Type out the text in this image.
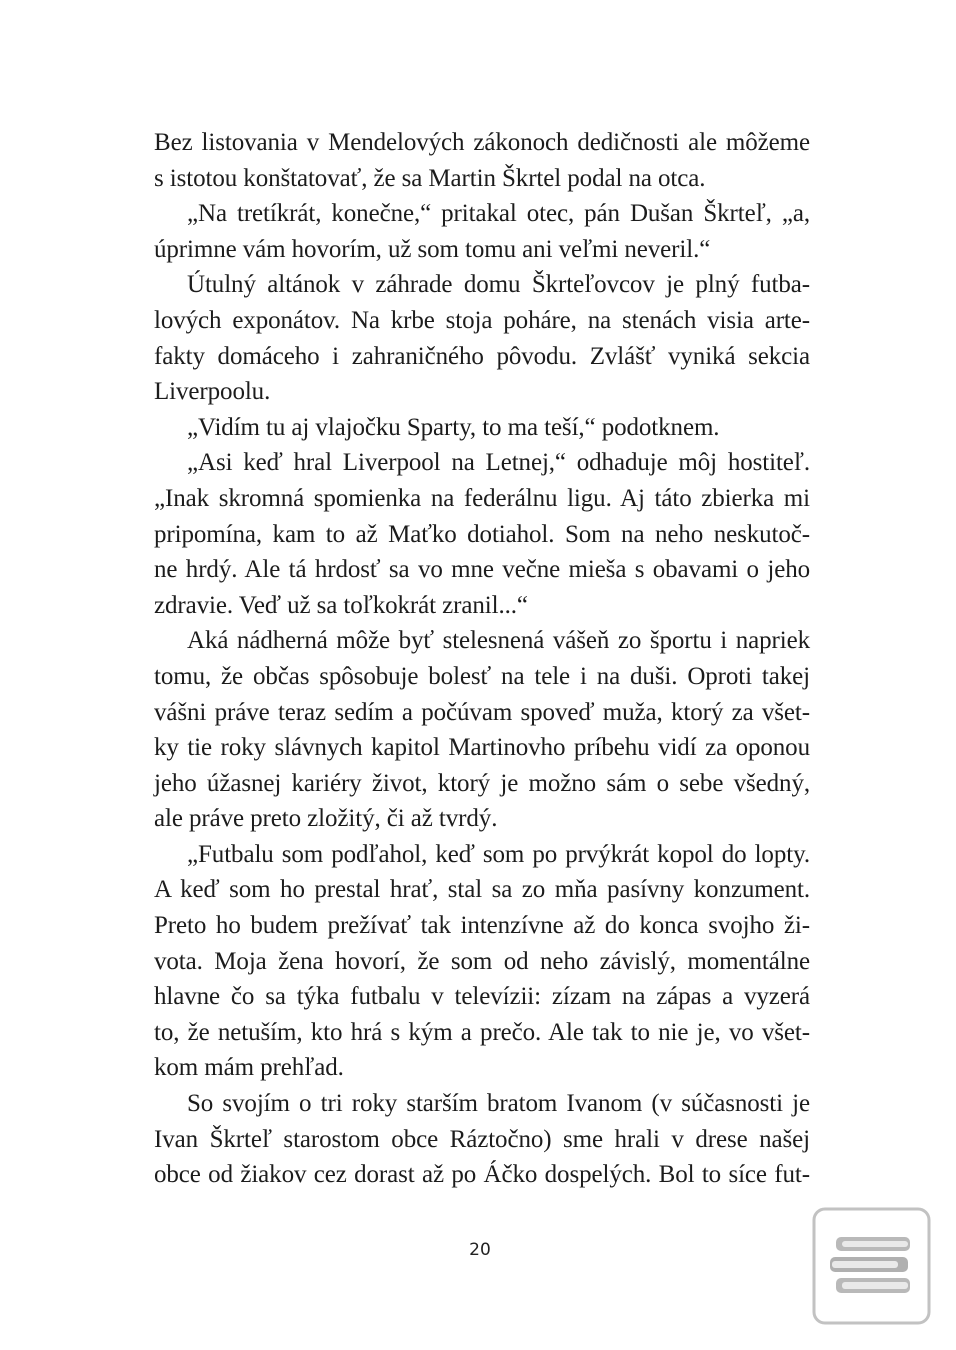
Bez listovania v Mendelových zákonoch dedičnosti ale môžeme
s istotou konštatovať, že sa Martin Škrtel podal na otca.
„Na tretíkrát, konečne,“ pritakal otec, pán Dušan Škrteľ, „a,
úprimne vám hovorím, už som tomu ani veľmi neveril.“
Útulný altánok v záhrade domu Škrteľovcov je plný futba-
lových exponátov. Na krbe stoja poháre, na stenách visia arte-
fakty domáceho i zahraničného pôvodu. Zvlášť vyniká sekcia
Liverpoolu.
„Vidím tu aj vlajočku Sparty, to ma teší,“ podotknem.
„Asi keď hral Liverpool na Letnej,“ odhaduje môj hostiteľ.
„Inak skromná spomienka na federálnu ligu. Aj táto zbierka mi
pripomína, kam to až Maťko dotiahol. Som na neho neskutoč-
ne hrdý. Ale tá hrdosť sa vo mne večne mieša s obavami o jeho
zdravie. Veď už sa toľkokrát zranil...“
Aká nádherná môže byť stelesnená vášeň zo športu i napriek
tomu, že občas spôsobuje bolesť na tele i na duši. Oproti takej
vášni práve teraz sedím a počúvam spoveď muža, ktorý za všet-
ky tie roky slávnych kapitol Martinovho príbehu vidí za oponou
jeho úžasnej kariéry život, ktorý je možno sám o sebe všedný,
ale práve preto zložitý, či až tvrdý.
„Futbalu som podľahol, keď som po prvýkrát kopol do lopty.
A keď som ho prestal hrať, stal sa zo mňa pasívny konzument.
Preto ho budem prežívať tak intenzívne až do konca svojho ži-
vota. Moja žena hovorí, že som od neho závislý, momentálne
hlavne čo sa týka futbalu v televízii: zízam na zápas a vyzerá
to, že netuším, kto hrá s kým a prečo. Ale tak to nie je, vo všet-
kom mám prehľad.
So svojím o tri roky starším bratom Ivanom (v súčasnosti je
Ivan Škrteľ starostom obce Ráztočno) sme hrali v drese našej
obce od žiakov cez dorast až po Áčko dospelých. Bol to síce fut-
20
